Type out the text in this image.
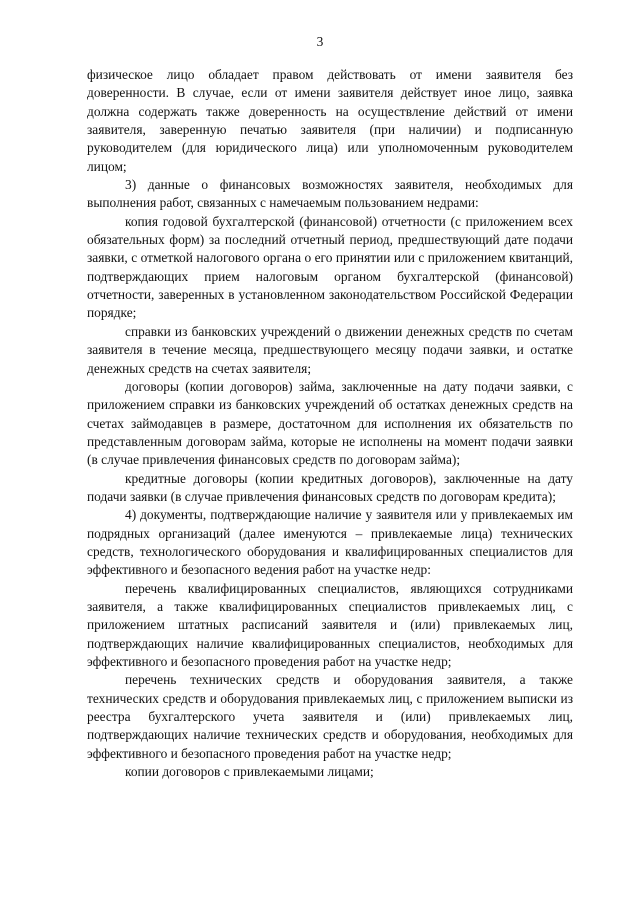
3

физическое лицо обладает правом действовать от имени заявителя без доверенности. В случае, если от имени заявителя действует иное лицо, заявка должна содержать также доверенность на осуществление действий от имени заявителя, заверенную печатью заявителя (при наличии) и подписанную руководителем (для юридического лица) или уполномоченным руководителем лицом;

3) данные о финансовых возможностях заявителя, необходимых для выполнения работ, связанных с намечаемым пользованием недрами:

копия годовой бухгалтерской (финансовой) отчетности (с приложением всех обязательных форм) за последний отчетный период, предшествующий дате подачи заявки, с отметкой налогового органа о его принятии или с приложением квитанций, подтверждающих прием налоговым органом бухгалтерской (финансовой) отчетности, заверенных в установленном законодательством Российской Федерации порядке;

справки из банковских учреждений о движении денежных средств по счетам заявителя в течение месяца, предшествующего месяцу подачи заявки, и остатке денежных средств на счетах заявителя;

договоры (копии договоров) займа, заключенные на дату подачи заявки, с приложением справки из банковских учреждений об остатках денежных средств на счетах займодавцев в размере, достаточном для исполнения их обязательств по представленным договорам займа, которые не исполнены на момент подачи заявки (в случае привлечения финансовых средств по договорам займа);

кредитные договоры (копии кредитных договоров), заключенные на дату подачи заявки (в случае привлечения финансовых средств по договорам кредита);

4) документы, подтверждающие наличие у заявителя или у привлекаемых им подрядных организаций (далее именуются – привлекаемые лица) технических средств, технологического оборудования и квалифицированных специалистов для эффективного и безопасного ведения работ на участке недр:

перечень квалифицированных специалистов, являющихся сотрудниками заявителя, а также квалифицированных специалистов привлекаемых лиц, с приложением штатных расписаний заявителя и (или) привлекаемых лиц, подтверждающих наличие квалифицированных специалистов, необходимых для эффективного и безопасного проведения работ на участке недр;

перечень технических средств и оборудования заявителя, а также технических средств и оборудования привлекаемых лиц, с приложением выписки из реестра бухгалтерского учета заявителя и (или) привлекаемых лиц, подтверждающих наличие технических средств и оборудования, необходимых для эффективного и безопасного проведения работ на участке недр;

копии договоров с привлекаемыми лицами;
